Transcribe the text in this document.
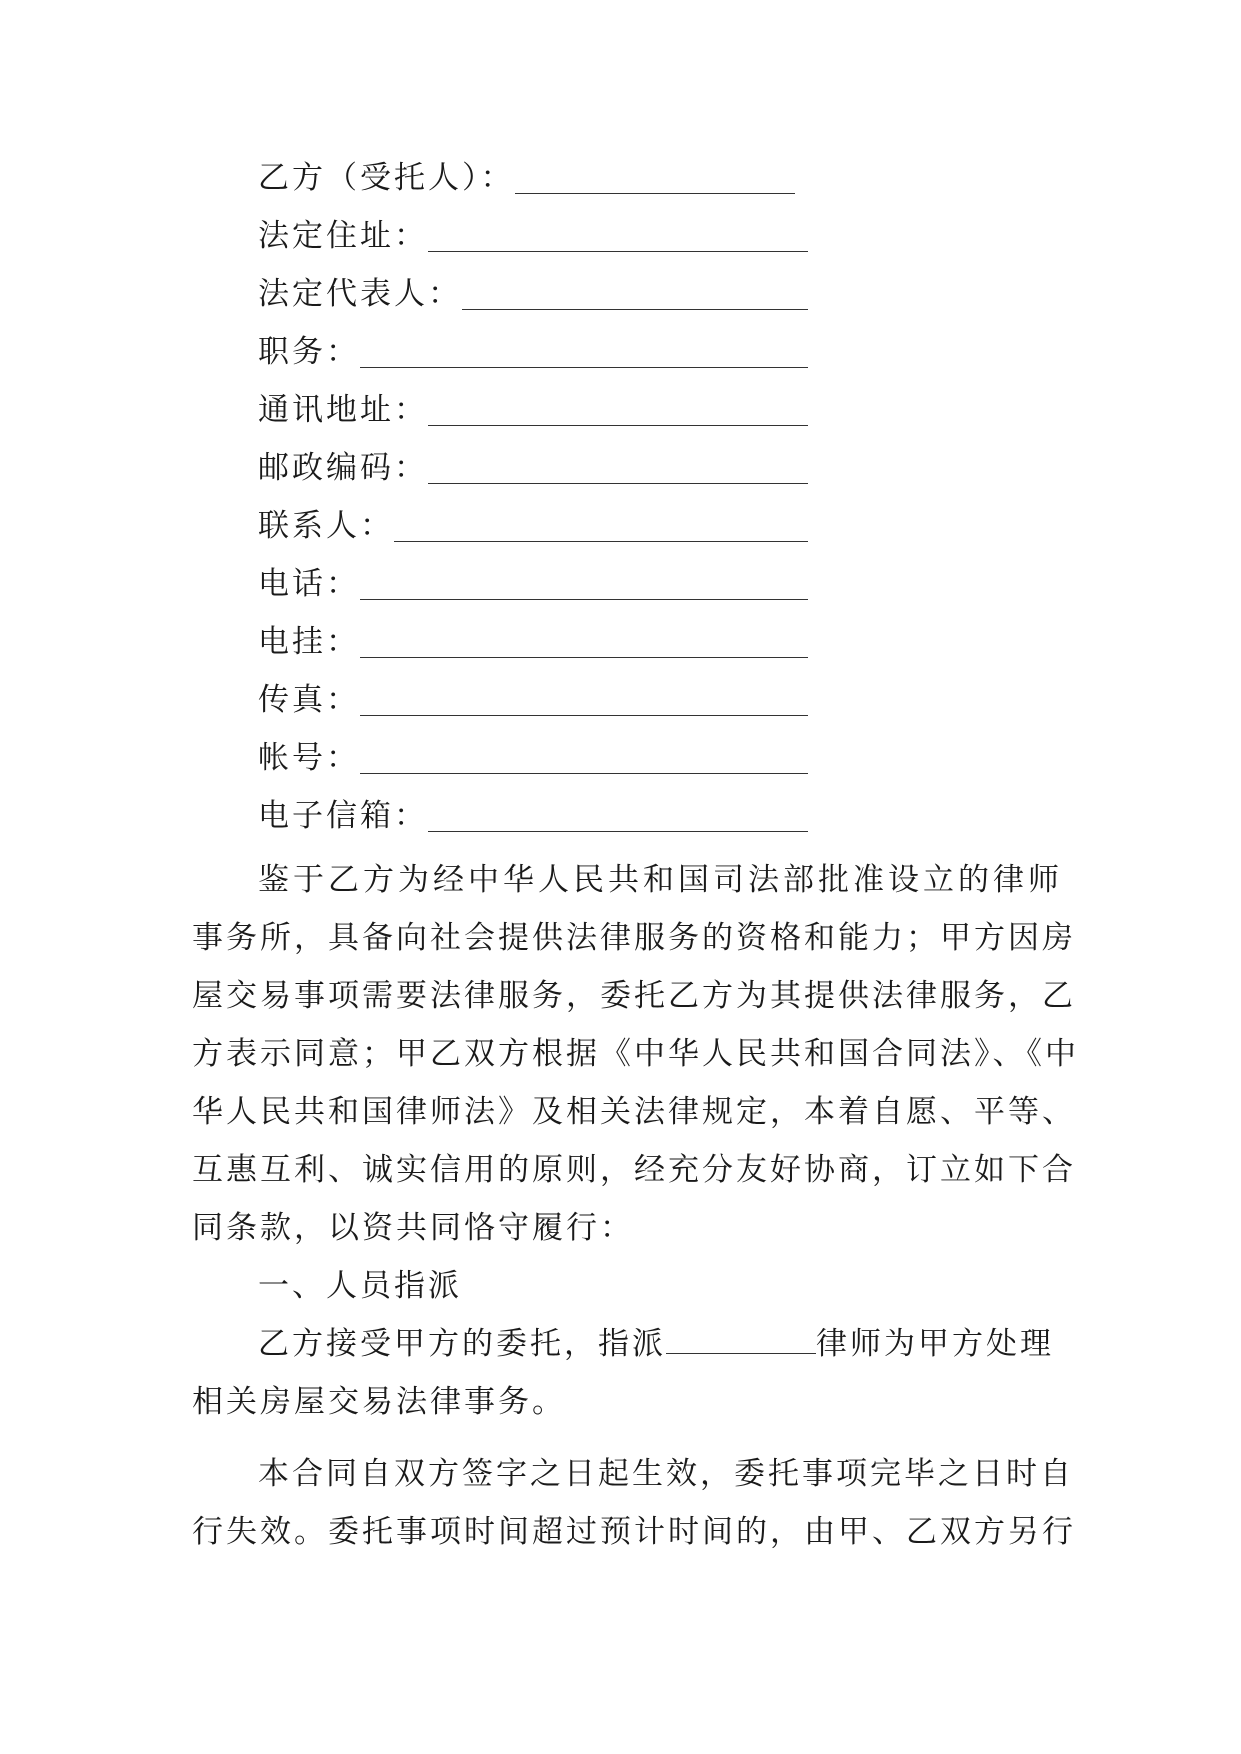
乙方（受托人）：
法定住址：
法定代表人：
职务：
通讯地址：
邮政编码：
联系人：
电话：
电挂：
传真：
帐号：
电子信箱：
鉴于乙方为经中华人民共和国司法部批准设立的律师
事务所，具备向社会提供法律服务的资格和能力；甲方因房
屋交易事项需要法律服务，委托乙方为其提供法律服务，乙
方表示同意；甲乙双方根据《中华人民共和国合同法》、《中
华人民共和国律师法》及相关法律规定，本着自愿、平等、
互惠互利、诚实信用的原则，经充分友好协商，订立如下合
同条款，以资共同恪守履行：
一、人员指派
乙方接受甲方的委托，指派	律师为甲方处理
相关房屋交易法律事务。
本合同自双方签字之日起生效，委托事项完毕之日时自
行失效。委托事项时间超过预计时间的，由甲、乙双方另行
